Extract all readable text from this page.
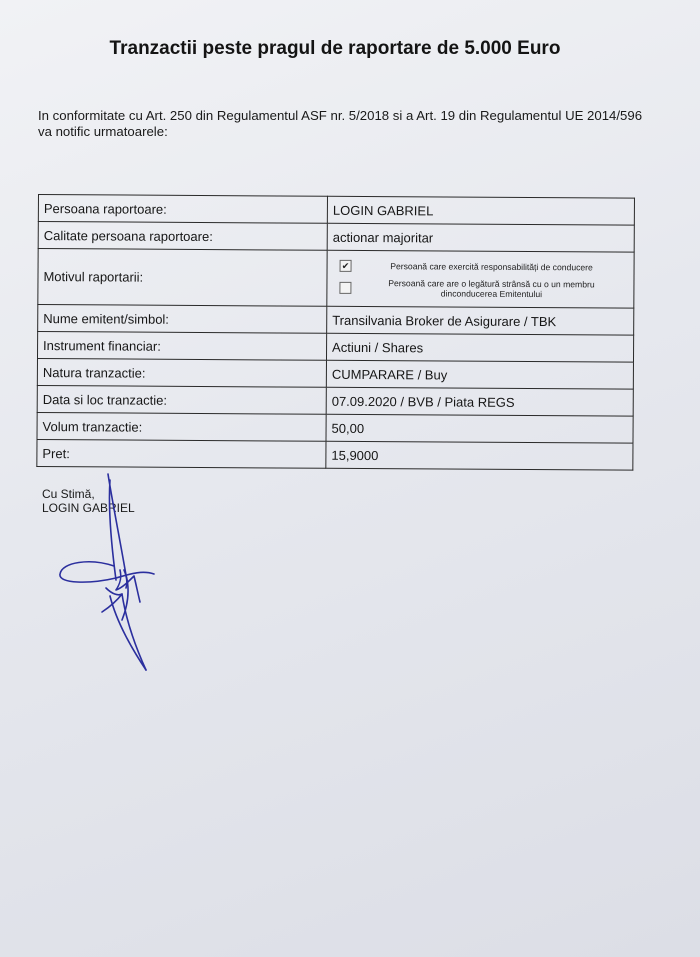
Tranzactii peste pragul de raportare de 5.000 Euro
In conformitate cu Art. 250 din Regulamentul ASF nr. 5/2018 si a Art. 19 din Regulamentul UE 2014/596
va notific urmatoarele:
Persoana raportoare:	LOGIN GABRIEL
Calitate persoana raportoare:	actionar majoritar
Motivul raportarii:	✔ Persoană care exercită responsabilități de conducere
Persoană care are o legătură strânsă cu o un membru
dinconducerea Emitentului

Nume emitent/simbol:	Transilvania Broker de Asigurare / TBK
Instrument financiar:	Actiuni / Shares
Natura tranzactie:	CUMPARARE / Buy
Data si loc tranzactie:	07.09.2020 / BVB / Piata REGS
Volum tranzactie:	50,00
Pret:	15,9000
Cu Stimă,
LOGIN GABRIEL
